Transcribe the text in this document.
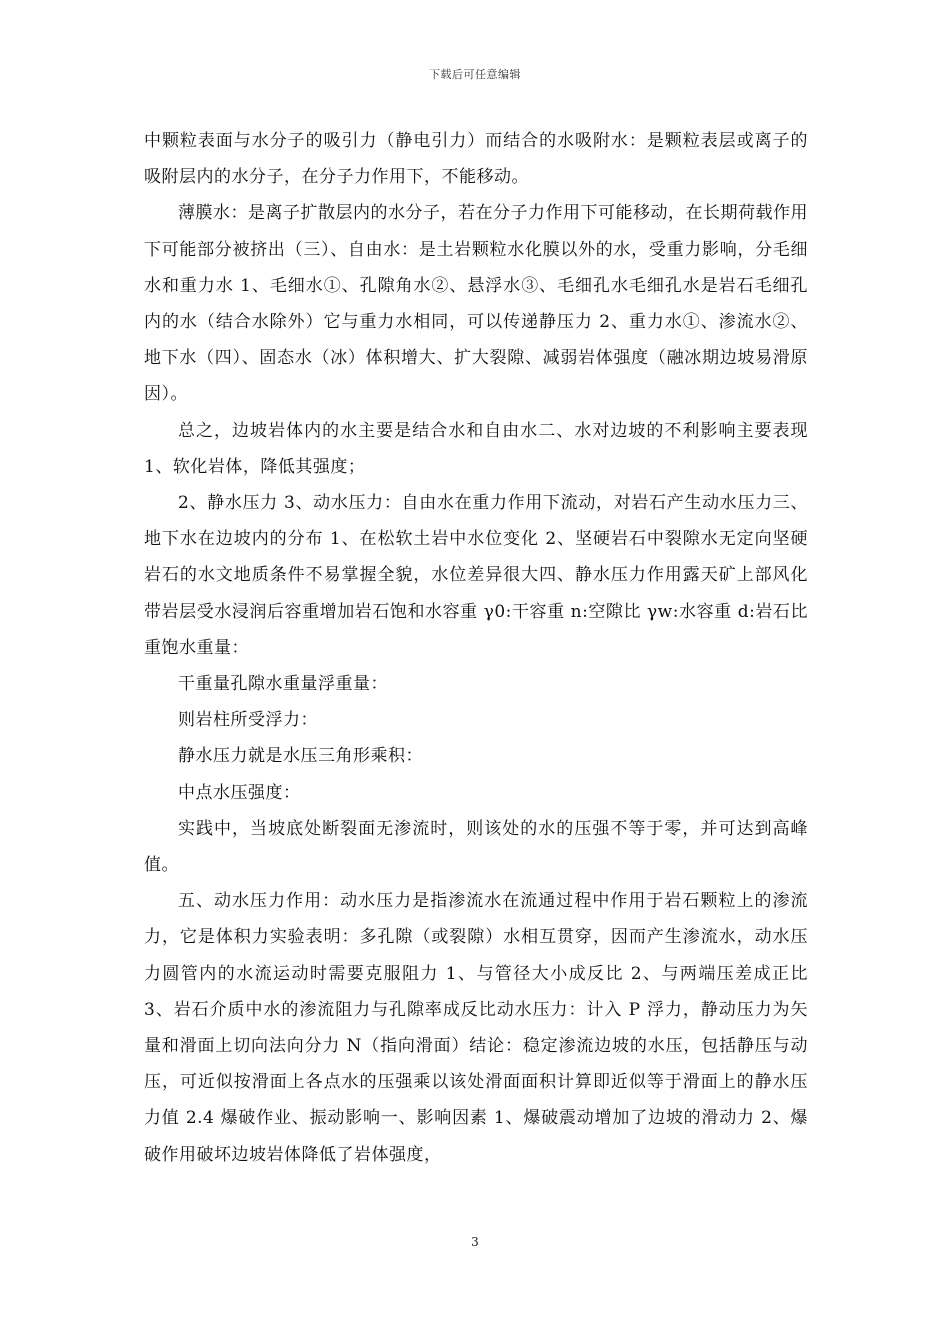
下载后可任意编辑

中颗粒表面与水分子的吸引力（静电引力）而结合的水吸附水：是颗粒表层或离子的吸附层内的水分子，在分子力作用下，不能移动。

薄膜水：是离子扩散层内的水分子，若在分子力作用下可能移动，在长期荷载作用下可能部分被挤出（三）、自由水：是土岩颗粒水化膜以外的水，受重力影响，分毛细水和重力水 1、毛细水①、孔隙角水②、悬浮水③、毛细孔水毛细孔水是岩石毛细孔内的水（结合水除外）它与重力水相同，可以传递静压力 2、重力水①、渗流水②、地下水（四）、固态水（冰）体积增大、扩大裂隙、减弱岩体强度（融冰期边坡易滑原因）。

总之，边坡岩体内的水主要是结合水和自由水二、水对边坡的不利影响主要表现 1、软化岩体，降低其强度；

2、静水压力 3、动水压力：自由水在重力作用下流动，对岩石产生动水压力三、地下水在边坡内的分布 1、在松软土岩中水位变化 2、坚硬岩石中裂隙水无定向坚硬岩石的水文地质条件不易掌握全貌，水位差异很大四、静水压力作用露天矿上部风化带岩层受水浸润后容重增加岩石饱和水容重 γ0:干容重 n:空隙比 γw:水容重 d:岩石比重饱水重量：

干重量孔隙水重量浮重量：

则岩柱所受浮力：

静水压力就是水压三角形乘积：

中点水压强度：

实践中，当坡底处断裂面无渗流时，则该处的水的压强不等于零，并可达到高峰值。

五、动水压力作用：动水压力是指渗流水在流通过程中作用于岩石颗粒上的渗流力，它是体积力实验表明：多孔隙（或裂隙）水相互贯穿，因而产生渗流水，动水压力圆管内的水流运动时需要克服阻力 1、与管径大小成反比 2、与两端压差成正比 3、岩石介质中水的渗流阻力与孔隙率成反比动水压力：计入 P 浮力，静动压力为矢量和滑面上切向法向分力 N（指向滑面）结论：稳定渗流边坡的水压，包括静压与动压，可近似按滑面上各点水的压强乘以该处滑面面积计算即近似等于滑面上的静水压力值 2.4 爆破作业、振动影响一、影响因素 1、爆破震动增加了边坡的滑动力 2、爆破作用破坏边坡岩体降低了岩体强度，

3
